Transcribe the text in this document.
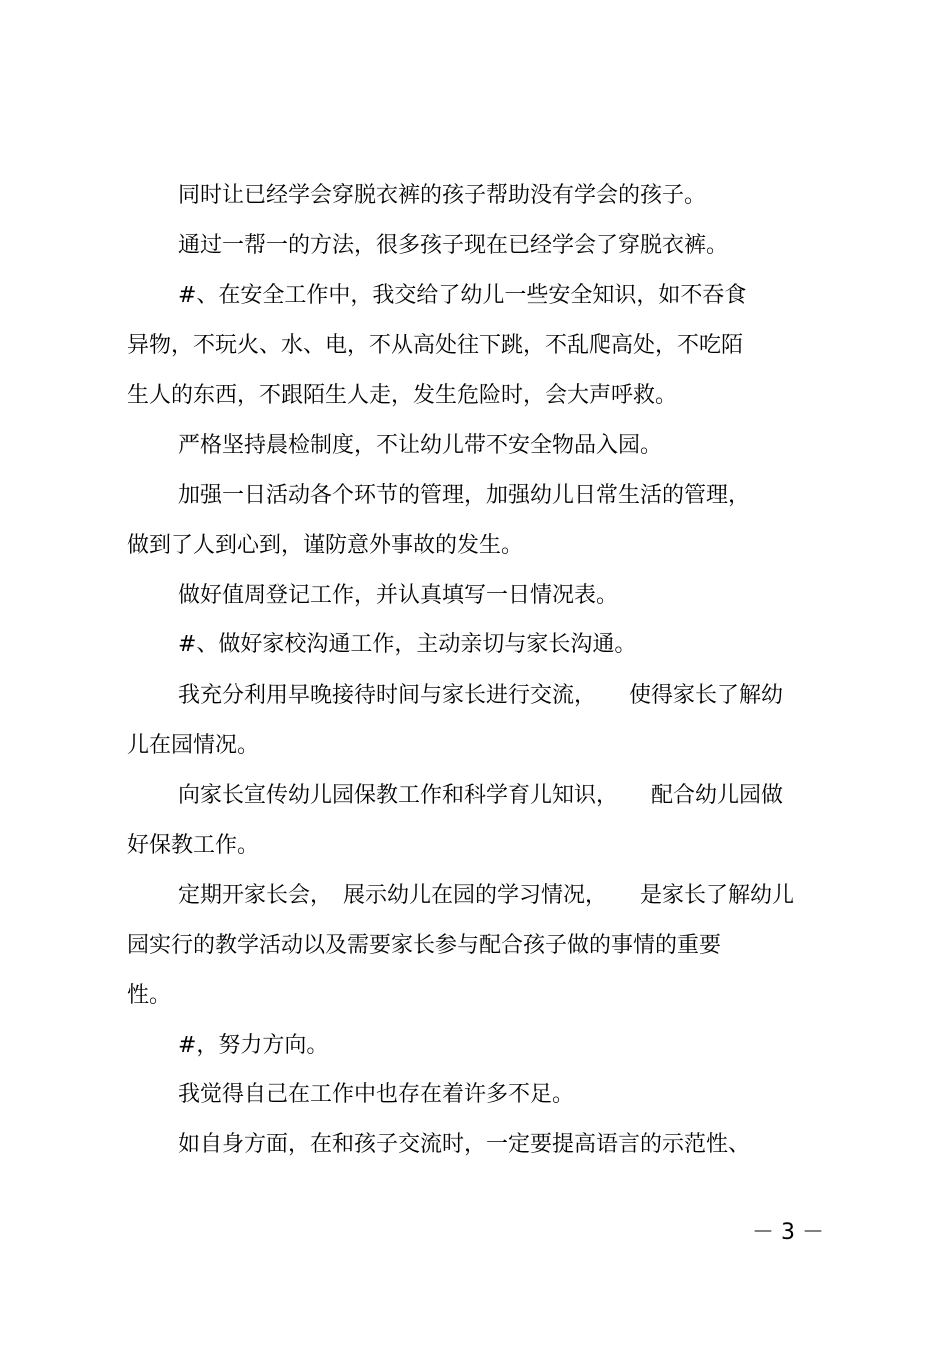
同时让已经学会穿脱衣裤的孩子帮助没有学会的孩子。
通过一帮一的方法，很多孩子现在已经学会了穿脱衣裤。
#、在安全工作中，我交给了幼儿一些安全知识，如不吞食
异物，不玩火、水、电，不从高处往下跳，不乱爬高处，不吃陌
生人的东西，不跟陌生人走，发生危险时，会大声呼救。
严格坚持晨检制度，不让幼儿带不安全物品入园。
加强一日活动各个环节的管理，加强幼儿日常生活的管理，
做到了人到心到，谨防意外事故的发生。
做好值周登记工作，并认真填写一日情况表。
#、做好家校沟通工作，主动亲切与家长沟通。
我充分利用早晚接待时间与家长进行交流，　　使得家长了解幼
儿在园情况。
向家长宣传幼儿园保教工作和科学育儿知识，　　配合幼儿园做
好保教工作。
定期开家长会，　展示幼儿在园的学习情况，　　是家长了解幼儿
园实行的教学活动以及需要家长参与配合孩子做的事情的重要
性。
#，努力方向。
我觉得自己在工作中也存在着许多不足。
如自身方面，在和孩子交流时，一定要提高语言的示范性、
－ 3 －
